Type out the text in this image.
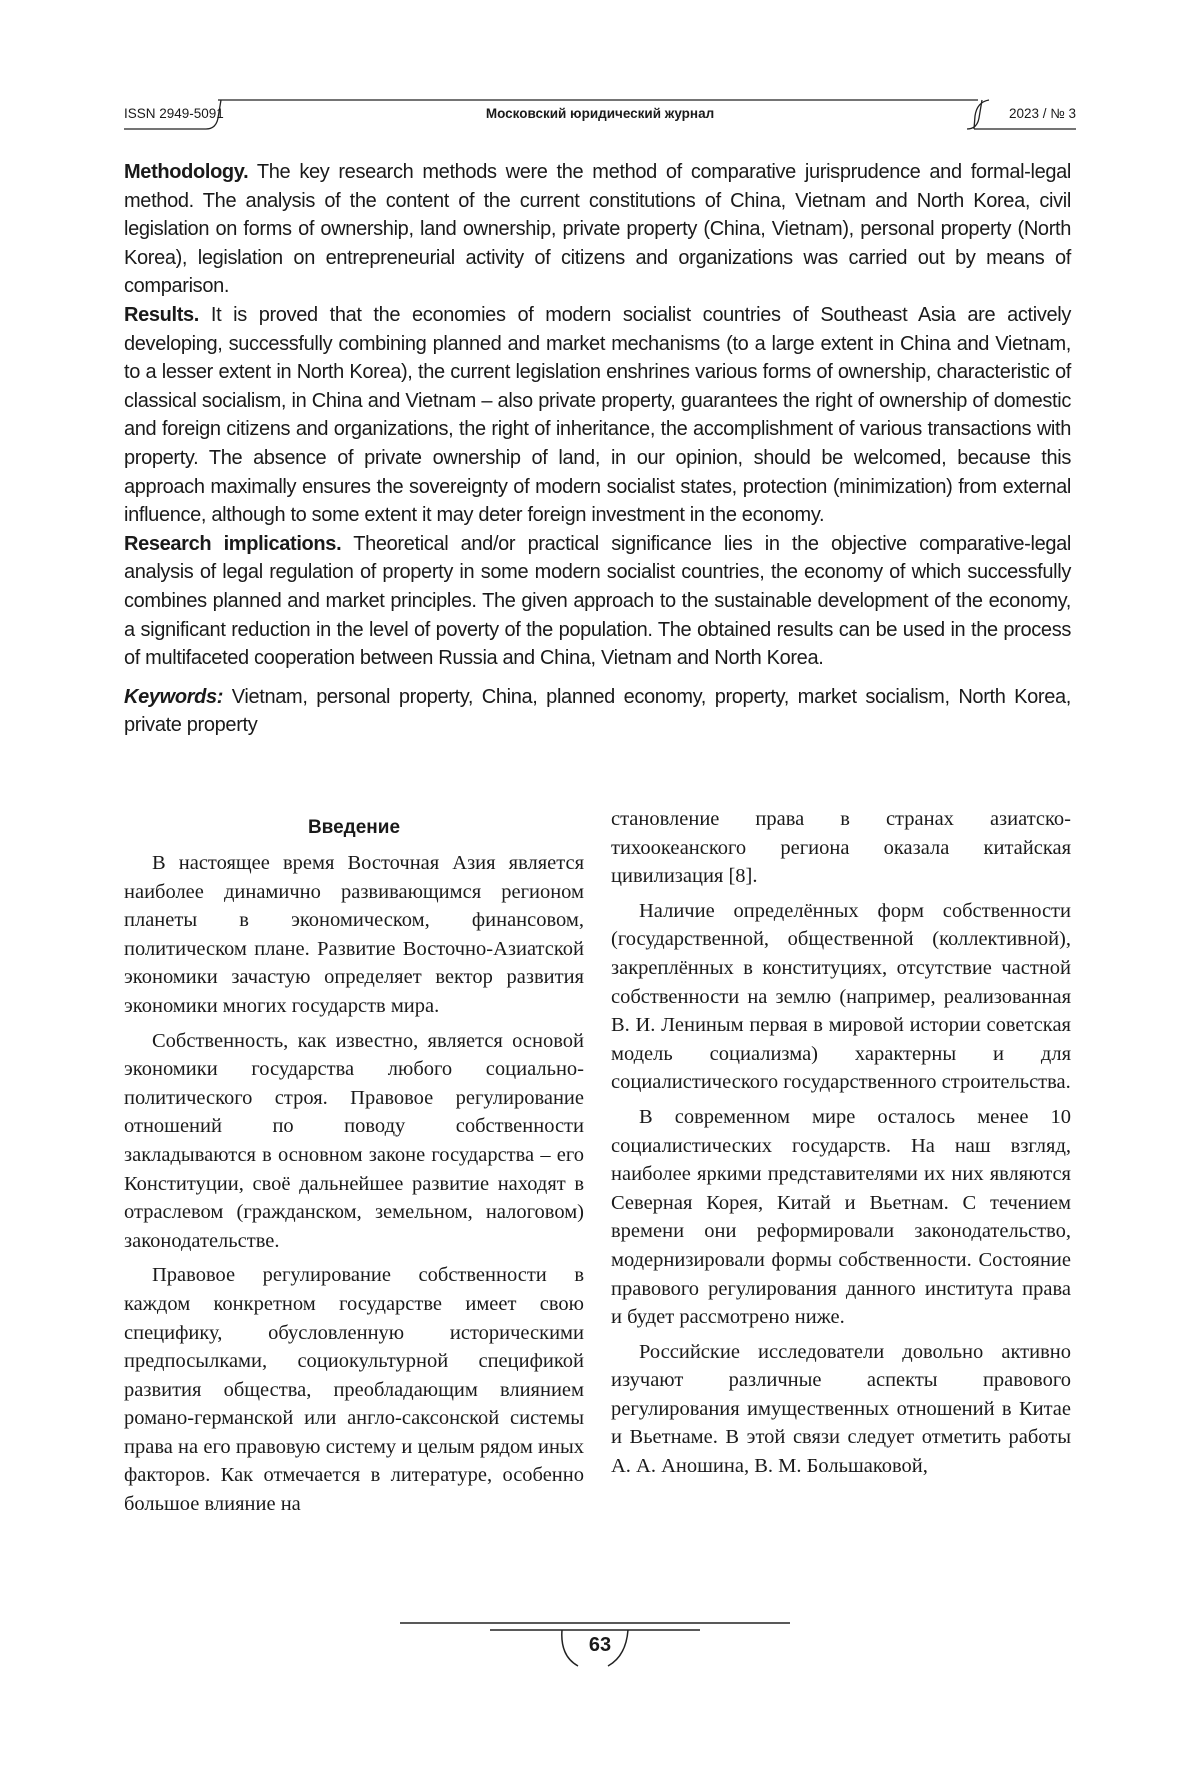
ISSN 2949-5091	Московский юридический журнал	2023 / № 3

Methodology. The key research methods were the method of comparative jurisprudence and formal-legal method. The analysis of the content of the current constitutions of China, Vietnam and North Korea, civil legislation on forms of ownership, land ownership, private property (China, Vietnam), personal property (North Korea), legislation on entrepreneurial activity of citizens and organizations was carried out by means of comparison.

Results. It is proved that the economies of modern socialist countries of Southeast Asia are actively developing, successfully combining planned and market mechanisms (to a large extent in China and Vietnam, to a lesser extent in North Korea), the current legislation enshrines various forms of ownership, characteristic of classical socialism, in China and Vietnam – also private property, guarantees the right of ownership of domestic and foreign citizens and organizations, the right of inheritance, the accomplishment of various transactions with property. The absence of private ownership of land, in our opinion, should be welcomed, because this approach maximally ensures the sovereignty of modern socialist states, protection (minimization) from external influence, although to some extent it may deter foreign investment in the economy.

Research implications. Theoretical and/or practical significance lies in the objective comparative-legal analysis of legal regulation of property in some modern socialist countries, the economy of which successfully combines planned and market principles. The given approach to the sustainable development of the economy, a significant reduction in the level of poverty of the population. The obtained results can be used in the process of multifaceted cooperation between Russia and China, Vietnam and North Korea.

Keywords: Vietnam, personal property, China, planned economy, property, market socialism, North Korea, private property

Введение

В настоящее время Восточная Азия является наиболее динамично развивающимся регионом планеты в экономическом, финансовом, политическом плане. Развитие Восточно-Азиатской экономики зачастую определяет вектор развития экономики многих государств мира.

Собственность, как известно, является основой экономики государства любого социально-политического строя. Правовое регулирование отношений по поводу собственности закладываются в основном законе государства – его Конституции, своё дальнейшее развитие находят в отраслевом (гражданском, земельном, налоговом) законодательстве.

Правовое регулирование собственности в каждом конкретном государстве имеет свою специфику, обусловленную историческими предпосылками, социокультурной спецификой развития общества, преобладающим влиянием романо-германской или англо-саксонской системы права на его правовую систему и целым рядом иных факторов. Как отмечается в литературе, особенно большое влияние на

становление права в странах азиатско-тихоокеанского региона оказала китайская цивилизация [8].

Наличие определённых форм собственности (государственной, общественной (коллективной), закреплённых в конституциях, отсутствие частной собственности на землю (например, реализованная В. И. Лениным первая в мировой истории советская модель социализма) характерны и для социалистического государственного строительства.

В современном мире осталось менее 10 социалистических государств. На наш взгляд, наиболее яркими представителями их них являются Северная Корея, Китай и Вьетнам. С течением времени они реформировали законодательство, модернизировали формы собственности. Состояние правового регулирования данного института права и будет рассмотрено ниже.

Российские исследователи довольно активно изучают различные аспекты правового регулирования имущественных отношений в Китае и Вьетнаме. В этой связи следует отметить работы А. А. Аношина, В. М. Большаковой,

63
